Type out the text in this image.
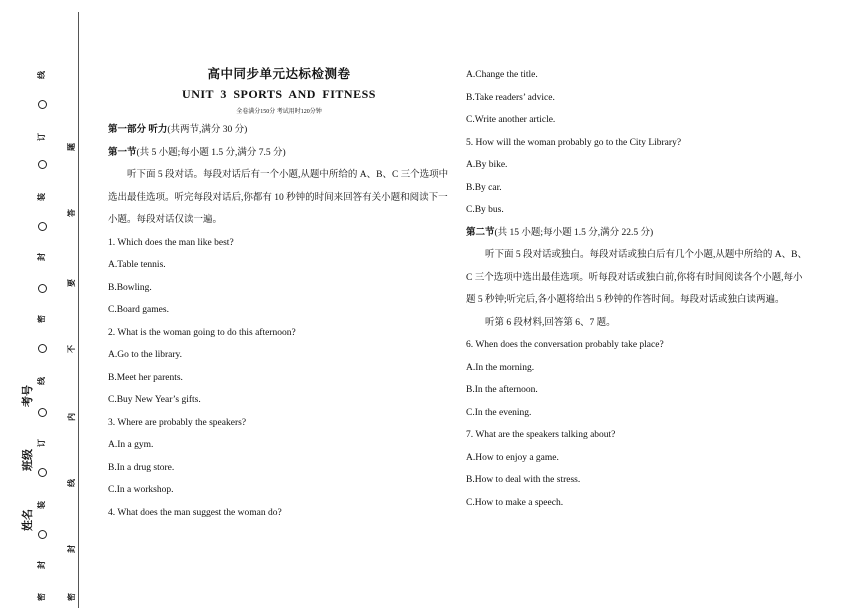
线
订
装
封
密
线
订
装
封
密
题
答
要
不
内
线
封
密
考号
班级
姓名
高中同步单元达标检测卷
UNIT 3 SPORTS AND FITNESS
全卷满分150分 考试用时120分钟

第一部分 听力(共两节,满分 30 分)

第一节(共 5 小题;每小题 1.5 分,满分 7.5 分)

听下面 5 段对话。每段对话后有一个小题,从题中所给的 A、B、C 三个选项中选出最佳选项。听完每段对话后,你都有 10 秒钟的时间来回答有关小题和阅读下一小题。每段对话仅读一遍。

1. Which does the man like best?

A.Table tennis.

B.Bowling.

C.Board games.

2. What is the woman going to do this afternoon?

A.Go to the library.

B.Meet her parents.

C.Buy New Year’s gifts.

3. Where are probably the speakers?

A.In a gym.

B.In a drug store.

C.In a workshop.

4. What does the man suggest the woman do?

A.Change the title.

B.Take readers’ advice.

C.Write another article.

5. How will the woman probably go to the City Library?

A.By bike.

B.By car.

C.By bus.

第二节(共 15 小题;每小题 1.5 分,满分 22.5 分)

听下面 5 段对话或独白。每段对话或独白后有几个小题,从题中所给的 A、B、C 三个选项中选出最佳选项。听每段对话或独白前,你将有时间阅读各个小题,每小题 5 秒钟;听完后,各小题将给出 5 秒钟的作答时间。每段对话或独白读两遍。

听第 6 段材料,回答第 6、7 题。

6. When does the conversation probably take place?

A.In the morning.

B.In the afternoon.

C.In the evening.

7. What are the speakers talking about?

A.How to enjoy a game.

B.How to deal with the stress.

C.How to make a speech.
